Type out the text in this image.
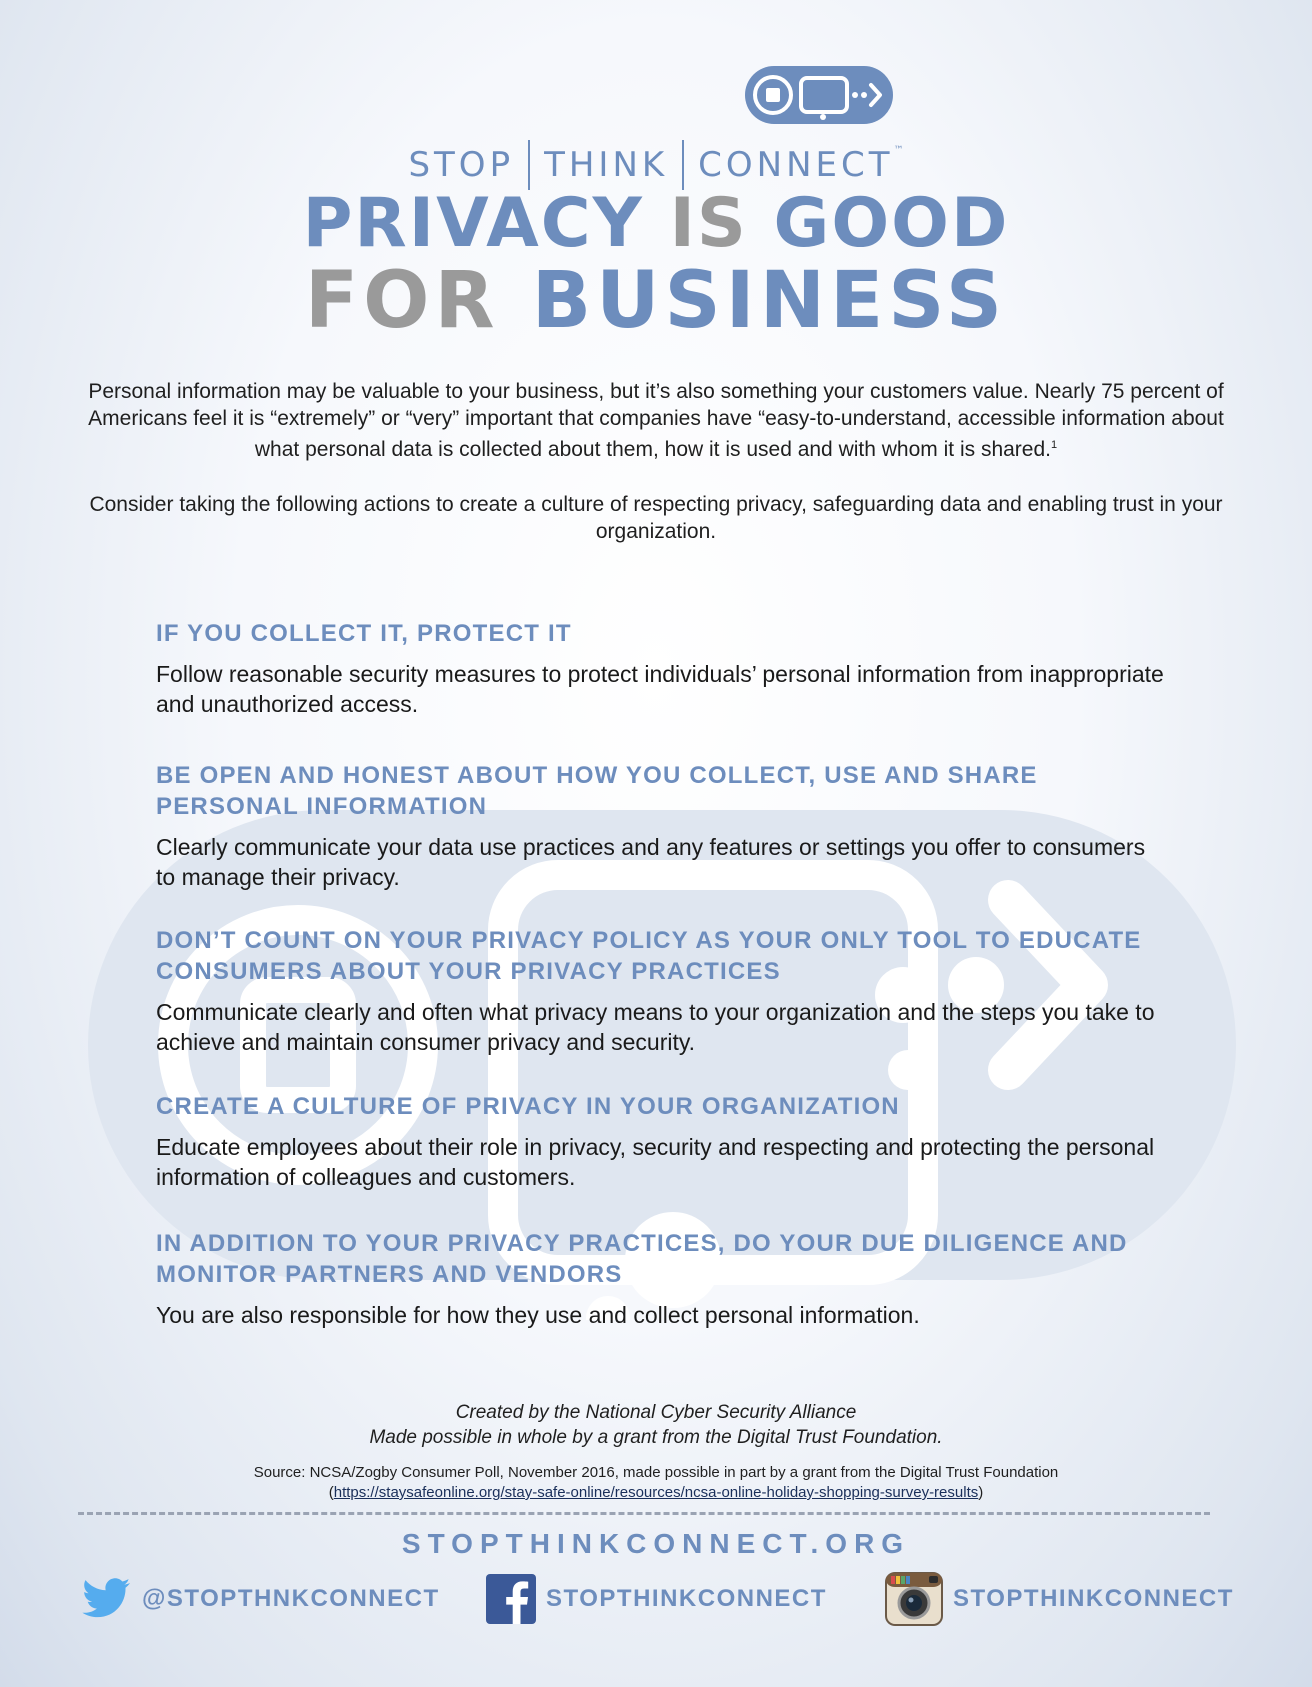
STOP THINK CONNECT™
PRIVACY IS GOOD
FOR BUSINESS

Personal information may be valuable to your business, but it’s also something your customers value. Nearly 75 percent of Americans feel it is “extremely” or “very” important that companies have “easy-to-understand, accessible information about what personal data is collected about them, how it is used and with whom it is shared.$^1$

Consider taking the following actions to create a culture of respecting privacy, safeguarding data and enabling trust in your organization.

IF YOU COLLECT IT, PROTECT IT

Follow reasonable security measures to protect individuals’ personal information from inappropriate and unauthorized access.

BE OPEN AND HONEST ABOUT HOW YOU COLLECT, USE AND SHARE PERSONAL INFORMATION

Clearly communicate your data use practices and any features or settings you offer to consumers to manage their privacy.

DON’T COUNT ON YOUR PRIVACY POLICY AS YOUR ONLY TOOL TO EDUCATE CONSUMERS ABOUT YOUR PRIVACY PRACTICES

Communicate clearly and often what privacy means to your organization and the steps you take to achieve and maintain consumer privacy and security.

CREATE A CULTURE OF PRIVACY IN YOUR ORGANIZATION

Educate employees about their role in privacy, security and respecting and protecting the personal information of colleagues and customers.

IN ADDITION TO YOUR PRIVACY PRACTICES, DO YOUR DUE DILIGENCE AND MONITOR PARTNERS AND VENDORS

You are also responsible for how they use and collect personal information.

Created by the National Cyber Security Alliance
Made possible in whole by a grant from the Digital Trust Foundation.
Source: NCSA/Zogby Consumer Poll, November 2016, made possible in part by a grant from the Digital Trust Foundation
(https://staysafeonline.org/stay-safe-online/resources/ncsa-online-holiday-shopping-survey-results)
STOPTHINKCONNECT.ORG
@STOPTHNKCONNECT	STOPTHINKCONNECT	STOPTHINKCONNECT
